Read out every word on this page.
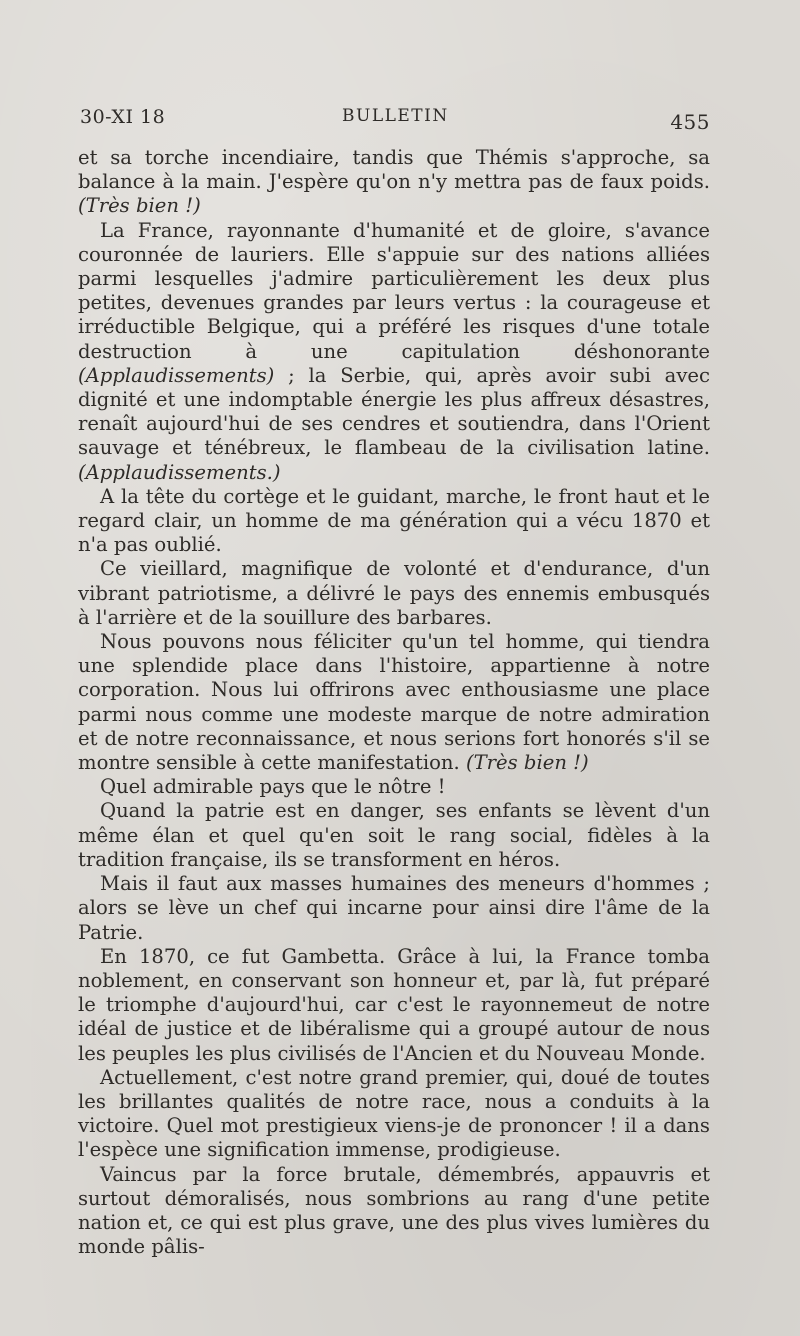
30-XI 18	BULLETIN	455

et sa torche incendiaire, tandis que Thémis s'approche, sa balance à la main. J'espère qu'on n'y mettra pas de faux poids. (Très bien !)

La France, rayonnante d'humanité et de gloire, s'avance couronnée de lauriers. Elle s'appuie sur des nations alliées parmi lesquelles j'admire particulièrement les deux plus petites, devenues grandes par leurs vertus : la courageuse et irréductible Belgique, qui a préféré les risques d'une totale destruction à une capitulation déshonorante (Applaudissements) ; la Serbie, qui, après avoir subi avec dignité et une indomptable énergie les plus affreux désastres, renaît aujourd'hui de ses cendres et soutiendra, dans l'Orient sauvage et ténébreux, le flambeau de la civilisation latine. (Applaudissements.)

A la tête du cortège et le guidant, marche, le front haut et le regard clair, un homme de ma génération qui a vécu 1870 et n'a pas oublié.

Ce vieillard, magnifique de volonté et d'endurance, d'un vibrant patriotisme, a délivré le pays des ennemis embusqués à l'arrière et de la souillure des barbares.

Nous pouvons nous féliciter qu'un tel homme, qui tiendra une splendide place dans l'histoire, appartienne à notre corporation. Nous lui offrirons avec enthousiasme une place parmi nous comme une modeste marque de notre admiration et de notre reconnaissance, et nous serions fort honorés s'il se montre sensible à cette manifestation. (Très bien !)

Quel admirable pays que le nôtre !

Quand la patrie est en danger, ses enfants se lèvent d'un même élan et quel qu'en soit le rang social, fidèles à la tradition française, ils se transforment en héros.

Mais il faut aux masses humaines des meneurs d'hommes ; alors se lève un chef qui incarne pour ainsi dire l'âme de la Patrie.

En 1870, ce fut Gambetta. Grâce à lui, la France tomba noblement, en conservant son honneur et, par là, fut préparé le triomphe d'aujourd'hui, car c'est le rayonnemeut de notre idéal de justice et de libéralisme qui a groupé autour de nous les peuples les plus civilisés de l'Ancien et du Nouveau Monde.

Actuellement, c'est notre grand premier, qui, doué de toutes les brillantes qualités de notre race, nous a conduits à la victoire. Quel mot prestigieux viens-je de prononcer ! il a dans l'espèce une signification immense, prodigieuse.

Vaincus par la force brutale, démembrés, appauvris et surtout démoralisés, nous sombrions au rang d'une petite nation et, ce qui est plus grave, une des plus vives lumières du monde pâlis-
